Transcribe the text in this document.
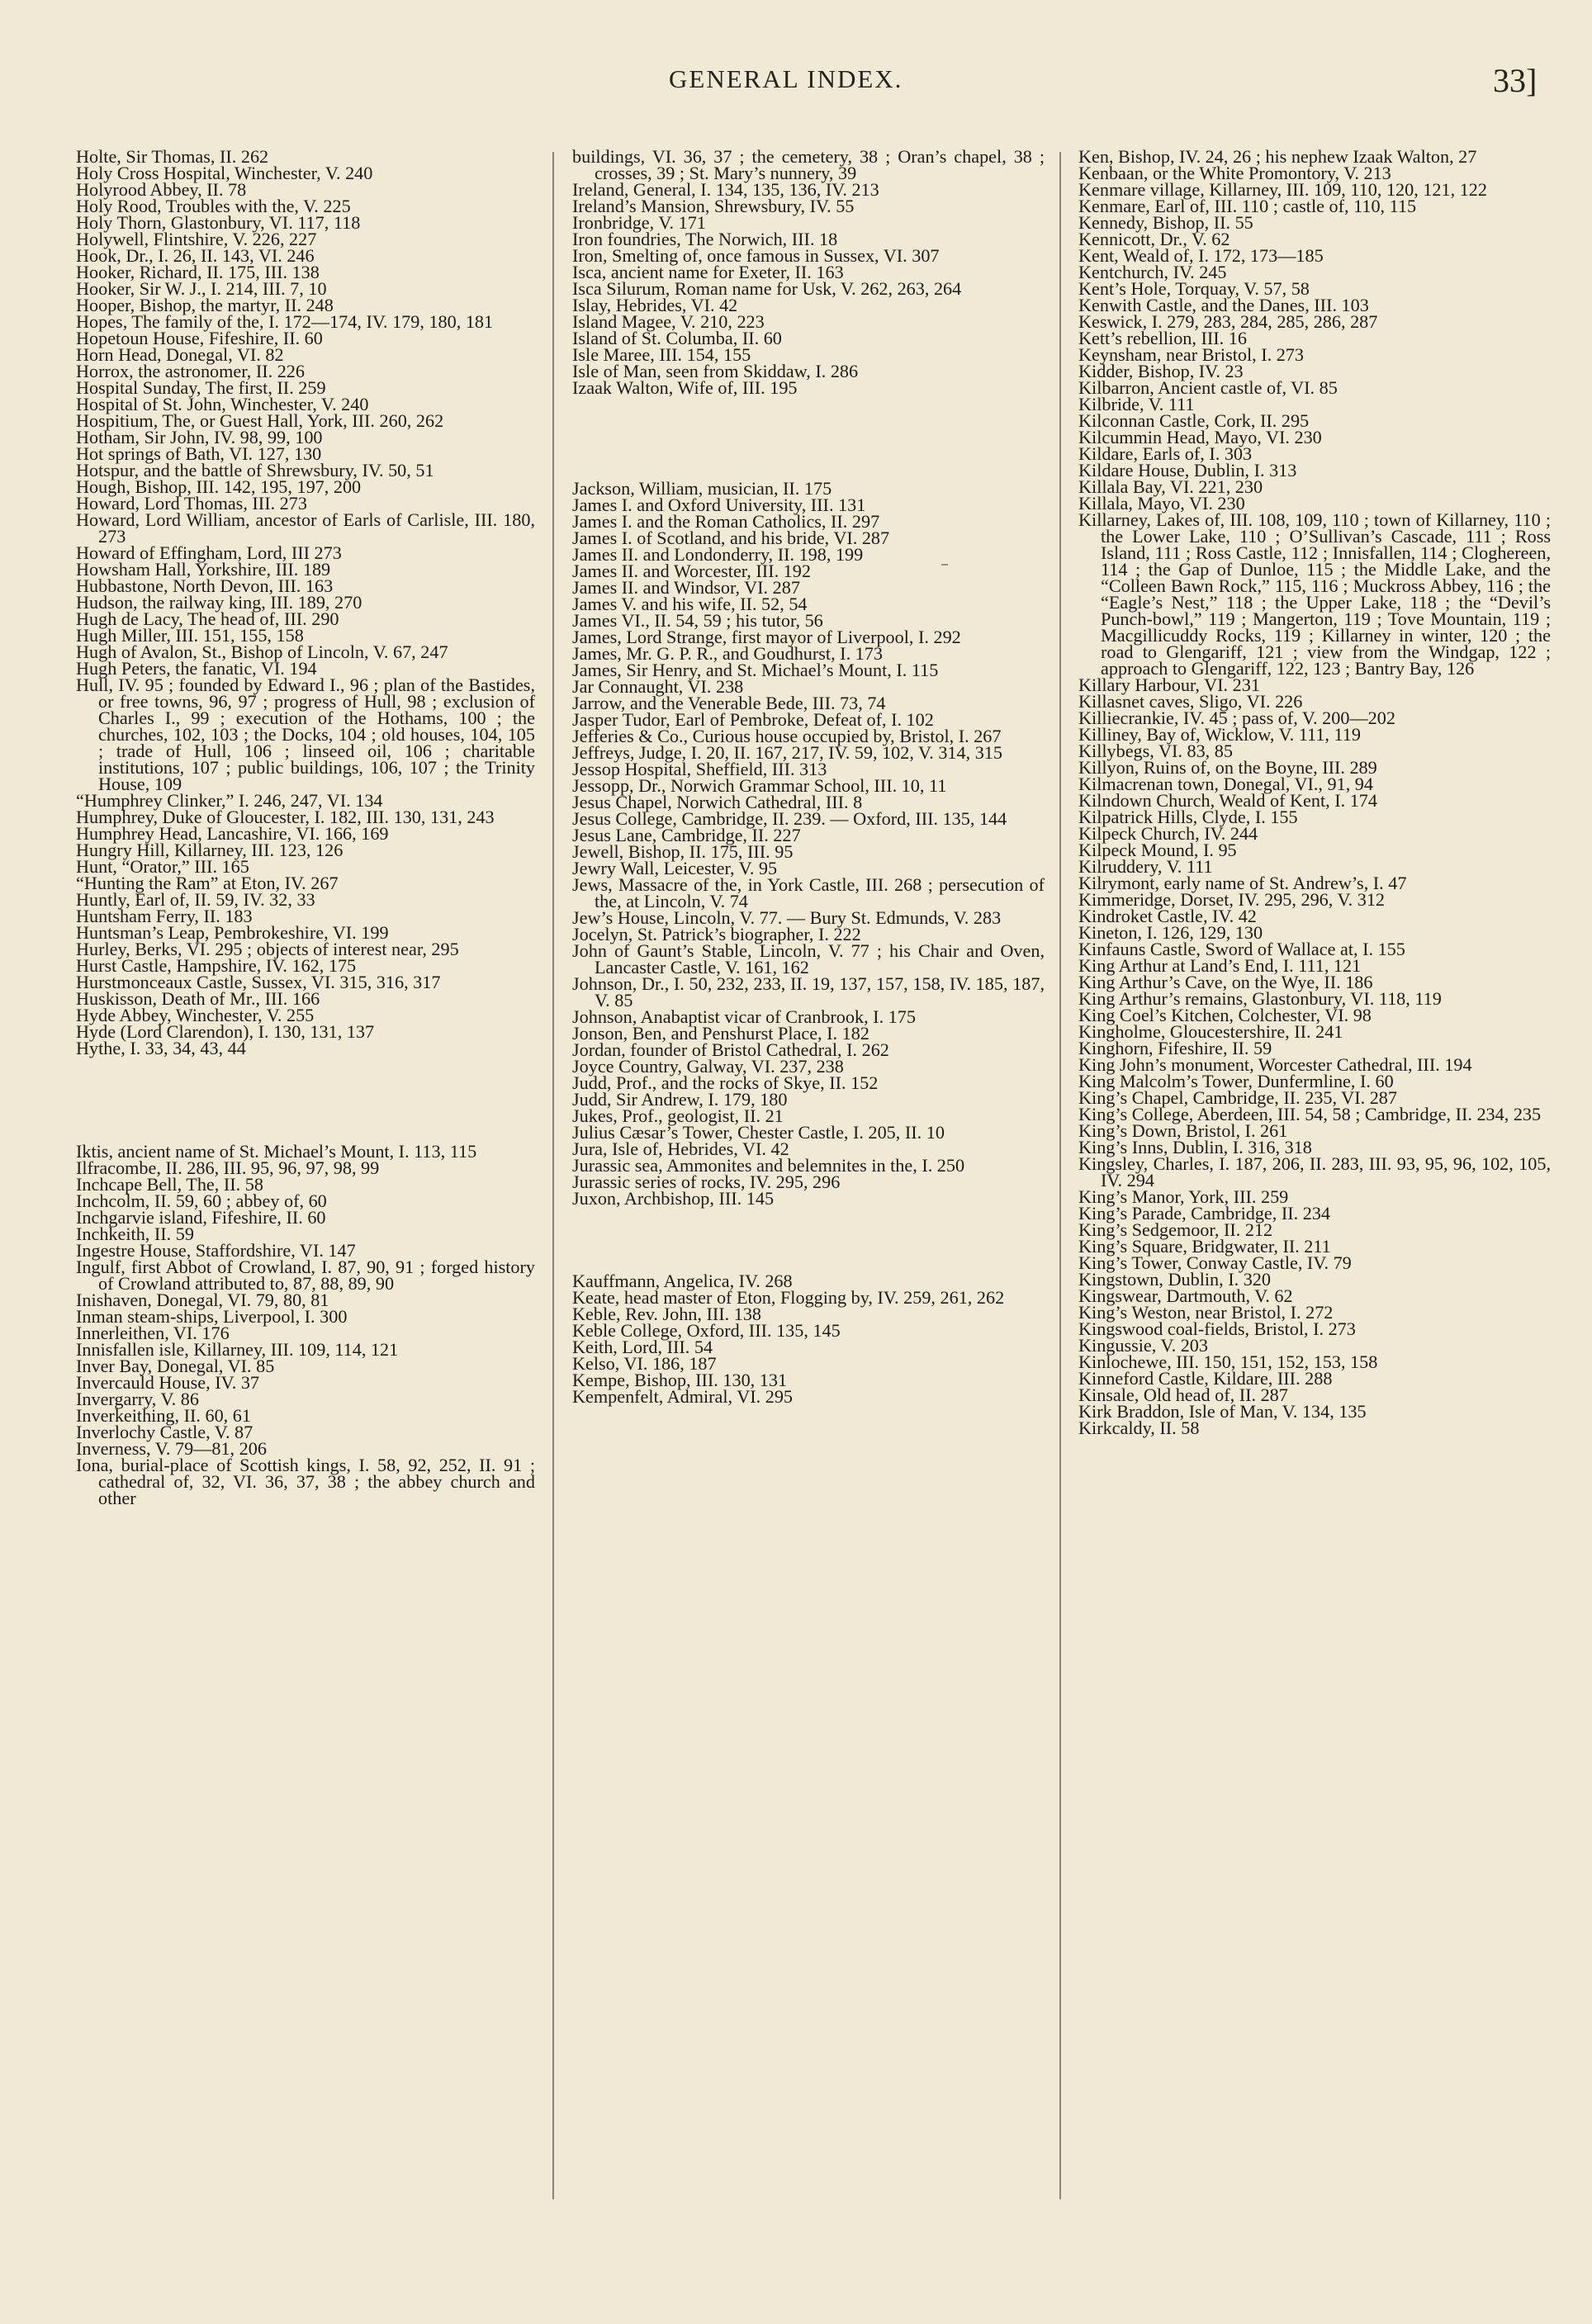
GENERAL INDEX.	33]

Holte, Sir Thomas, II. 262

Holy Cross Hospital, Winchester, V. 240

Holyrood Abbey, II. 78

Holy Rood, Troubles with the, V. 225

Holy Thorn, Glastonbury, VI. 117, 118

Holywell, Flintshire, V. 226, 227

Hook, Dr., I. 26, II. 143, VI. 246

Hooker, Richard, II. 175, III. 138

Hooker, Sir W. J., I. 214, III. 7, 10

Hooper, Bishop, the martyr, II. 248

Hopes, The family of the, I. 172—174, IV. 179, 180, 181

Hopetoun House, Fifeshire, II. 60

Horn Head, Donegal, VI. 82

Horrox, the astronomer, II. 226

Hospital Sunday, The first, II. 259

Hospital of St. John, Winchester, V. 240

Hospitium, The, or Guest Hall, York, III. 260, 262

Hotham, Sir John, IV. 98, 99, 100

Hot springs of Bath, VI. 127, 130

Hotspur, and the battle of Shrewsbury, IV. 50, 51

Hough, Bishop, III. 142, 195, 197, 200

Howard, Lord Thomas, III. 273

Howard, Lord William, ancestor of Earls of Carlisle, III. 180, 273

Howard of Effingham, Lord, III 273

Howsham Hall, Yorkshire, III. 189

Hubbastone, North Devon, III. 163

Hudson, the railway king, III. 189, 270

Hugh de Lacy, The head of, III. 290

Hugh Miller, III. 151, 155, 158

Hugh of Avalon, St., Bishop of Lincoln, V. 67, 247

Hugh Peters, the fanatic, VI. 194

Hull, IV. 95 ; founded by Edward I., 96 ; plan of the Bastides, or free towns, 96, 97 ; progress of Hull, 98 ; exclusion of Charles I., 99 ; execution of the Hothams, 100 ; the churches, 102, 103 ; the Docks, 104 ; old houses, 104, 105 ; trade of Hull, 106 ; linseed oil, 106 ; charitable institutions, 107 ; public buildings, 106, 107 ; the Trinity House, 109

“Humphrey Clinker,” I. 246, 247, VI. 134

Humphrey, Duke of Gloucester, I. 182, III. 130, 131, 243

Humphrey Head, Lancashire, VI. 166, 169

Hungry Hill, Killarney, III. 123, 126

Hunt, “Orator,” III. 165

“Hunting the Ram” at Eton, IV. 267

Huntly, Earl of, II. 59, IV. 32, 33

Huntsham Ferry, II. 183

Huntsman’s Leap, Pembrokeshire, VI. 199

Hurley, Berks, VI. 295 ; objects of interest near, 295

Hurst Castle, Hampshire, IV. 162, 175

Hurstmonceaux Castle, Sussex, VI. 315, 316, 317

Huskisson, Death of Mr., III. 166

Hyde Abbey, Winchester, V. 255

Hyde (Lord Clarendon), I. 130, 131, 137

Hythe, I. 33, 34, 43, 44

Iktis, ancient name of St. Michael’s Mount, I. 113, 115

Ilfracombe, II. 286, III. 95, 96, 97, 98, 99

Inchcape Bell, The, II. 58

Inchcolm, II. 59, 60 ; abbey of, 60

Inchgarvie island, Fifeshire, II. 60

Inchkeith, II. 59

Ingestre House, Staffordshire, VI. 147

Ingulf, first Abbot of Crowland, I. 87, 90, 91 ; forged history of Crowland attributed to, 87, 88, 89, 90

Inishaven, Donegal, VI. 79, 80, 81

Inman steam-ships, Liverpool, I. 300

Innerleithen, VI. 176

Innisfallen isle, Killarney, III. 109, 114, 121

Inver Bay, Donegal, VI. 85

Invercauld House, IV. 37

Invergarry, V. 86

Inverkeithing, II. 60, 61

Inverlochy Castle, V. 87

Inverness, V. 79—81, 206

Iona, burial-place of Scottish kings, I. 58, 92, 252, II. 91 ; cathedral of, 32, VI. 36, 37, 38 ; the abbey church and other

buildings, VI. 36, 37 ; the cemetery, 38 ; Oran’s chapel, 38 ; crosses, 39 ; St. Mary’s nunnery, 39

Ireland, General, I. 134, 135, 136, IV. 213

Ireland’s Mansion, Shrewsbury, IV. 55

Ironbridge, V. 171

Iron foundries, The Norwich, III. 18

Iron, Smelting of, once famous in Sussex, VI. 307

Isca, ancient name for Exeter, II. 163

Isca Silurum, Roman name for Usk, V. 262, 263, 264

Islay, Hebrides, VI. 42

Island Magee, V. 210, 223

Island of St. Columba, II. 60

Isle Maree, III. 154, 155

Isle of Man, seen from Skiddaw, I. 286

Izaak Walton, Wife of, III. 195

Jackson, William, musician, II. 175

James I. and Oxford University, III. 131

James I. and the Roman Catholics, II. 297

James I. of Scotland, and his bride, VI. 287

James II. and Londonderry, II. 198, 199

James II. and Worcester, III. 192

James II. and Windsor, VI. 287

James V. and his wife, II. 52, 54

James VI., II. 54, 59 ; his tutor, 56

James, Lord Strange, first mayor of Liverpool, I. 292

James, Mr. G. P. R., and Goudhurst, I. 173

James, Sir Henry, and St. Michael’s Mount, I. 115

Jar Connaught, VI. 238

Jarrow, and the Venerable Bede, III. 73, 74

Jasper Tudor, Earl of Pembroke, Defeat of, I. 102

Jefferies & Co., Curious house occupied by, Bristol, I. 267

Jeffreys, Judge, I. 20, II. 167, 217, IV. 59, 102, V. 314, 315

Jessop Hospital, Sheffield, III. 313

Jessopp, Dr., Norwich Grammar School, III. 10, 11

Jesus Chapel, Norwich Cathedral, III. 8

Jesus College, Cambridge, II. 239. — Oxford, III. 135, 144

Jesus Lane, Cambridge, II. 227

Jewell, Bishop, II. 175, III. 95

Jewry Wall, Leicester, V. 95

Jews, Massacre of the, in York Castle, III. 268 ; persecution of the, at Lincoln, V. 74

Jew’s House, Lincoln, V. 77. — Bury St. Edmunds, V. 283

Jocelyn, St. Patrick’s biographer, I. 222

John of Gaunt’s Stable, Lincoln, V. 77 ; his Chair and Oven, Lancaster Castle, V. 161, 162

Johnson, Dr., I. 50, 232, 233, II. 19, 137, 157, 158, IV. 185, 187, V. 85

Johnson, Anabaptist vicar of Cranbrook, I. 175

Jonson, Ben, and Penshurst Place, I. 182

Jordan, founder of Bristol Cathedral, I. 262

Joyce Country, Galway, VI. 237, 238

Judd, Prof., and the rocks of Skye, II. 152

Judd, Sir Andrew, I. 179, 180

Jukes, Prof., geologist, II. 21

Julius Cæsar’s Tower, Chester Castle, I. 205, II. 10

Jura, Isle of, Hebrides, VI. 42

Jurassic sea, Ammonites and belemnites in the, I. 250

Jurassic series of rocks, IV. 295, 296

Juxon, Archbishop, III. 145

Kauffmann, Angelica, IV. 268

Keate, head master of Eton, Flogging by, IV. 259, 261, 262

Keble, Rev. John, III. 138

Keble College, Oxford, III. 135, 145

Keith, Lord, III. 54

Kelso, VI. 186, 187

Kempe, Bishop, III. 130, 131

Kempenfelt, Admiral, VI. 295

Ken, Bishop, IV. 24, 26 ; his nephew Izaak Walton, 27

Kenbaan, or the White Promontory, V. 213

Kenmare village, Killarney, III. 109, 110, 120, 121, 122

Kenmare, Earl of, III. 110 ; castle of, 110, 115

Kennedy, Bishop, II. 55

Kennicott, Dr., V. 62

Kent, Weald of, I. 172, 173—185

Kentchurch, IV. 245

Kent’s Hole, Torquay, V. 57, 58

Kenwith Castle, and the Danes, III. 103

Keswick, I. 279, 283, 284, 285, 286, 287

Kett’s rebellion, III. 16

Keynsham, near Bristol, I. 273

Kidder, Bishop, IV. 23

Kilbarron, Ancient castle of, VI. 85

Kilbride, V. 111

Kilconnan Castle, Cork, II. 295

Kilcummin Head, Mayo, VI. 230

Kildare, Earls of, I. 303

Kildare House, Dublin, I. 313

Killala Bay, VI. 221, 230

Killala, Mayo, VI. 230

Killarney, Lakes of, III. 108, 109, 110 ; town of Killarney, 110 ; the Lower Lake, 110 ; O’Sullivan’s Cascade, 111 ; Ross Island, 111 ; Ross Castle, 112 ; Innisfallen, 114 ; Cloghereen, 114 ; the Gap of Dunloe, 115 ; the Middle Lake, and the “Colleen Bawn Rock,” 115, 116 ; Muckross Abbey, 116 ; the “Eagle’s Nest,” 118 ; the Upper Lake, 118 ; the “Devil’s Punch-bowl,” 119 ; Mangerton, 119 ; Tove Mountain, 119 ; Macgillicuddy Rocks, 119 ; Killarney in winter, 120 ; the road to Glengariff, 121 ; view from the Windgap, 122 ; approach to Glengariff, 122, 123 ; Bantry Bay, 126

Killary Harbour, VI. 231

Killasnet caves, Sligo, VI. 226

Killiecrankie, IV. 45 ; pass of, V. 200—202

Killiney, Bay of, Wicklow, V. 111, 119

Killybegs, VI. 83, 85

Killyon, Ruins of, on the Boyne, III. 289

Kilmacrenan town, Donegal, VI., 91, 94

Kilndown Church, Weald of Kent, I. 174

Kilpatrick Hills, Clyde, I. 155

Kilpeck Church, IV. 244

Kilpeck Mound, I. 95

Kilruddery, V. 111

Kilrymont, early name of St. Andrew’s, I. 47

Kimmeridge, Dorset, IV. 295, 296, V. 312

Kindroket Castle, IV. 42

Kineton, I. 126, 129, 130

Kinfauns Castle, Sword of Wallace at, I. 155

King Arthur at Land’s End, I. 111, 121

King Arthur’s Cave, on the Wye, II. 186

King Arthur’s remains, Glastonbury, VI. 118, 119

King Coel’s Kitchen, Colchester, VI. 98

Kingholme, Gloucestershire, II. 241

Kinghorn, Fifeshire, II. 59

King John’s monument, Worcester Cathedral, III. 194

King Malcolm’s Tower, Dunfermline, I. 60

King’s Chapel, Cambridge, II. 235, VI. 287

King’s College, Aberdeen, III. 54, 58 ; Cambridge, II. 234, 235

King’s Down, Bristol, I. 261

King’s Inns, Dublin, I. 316, 318

Kingsley, Charles, I. 187, 206, II. 283, III. 93, 95, 96, 102, 105, IV. 294

King’s Manor, York, III. 259

King’s Parade, Cambridge, II. 234

King’s Sedgemoor, II. 212

King’s Square, Bridgwater, II. 211

King’s Tower, Conway Castle, IV. 79

Kingstown, Dublin, I. 320

Kingswear, Dartmouth, V. 62

King’s Weston, near Bristol, I. 272

Kingswood coal-fields, Bristol, I. 273

Kingussie, V. 203

Kinlochewe, III. 150, 151, 152, 153, 158

Kinneford Castle, Kildare, III. 288

Kinsale, Old head of, II. 287

Kirk Braddon, Isle of Man, V. 134, 135

Kirkcaldy, II. 58
